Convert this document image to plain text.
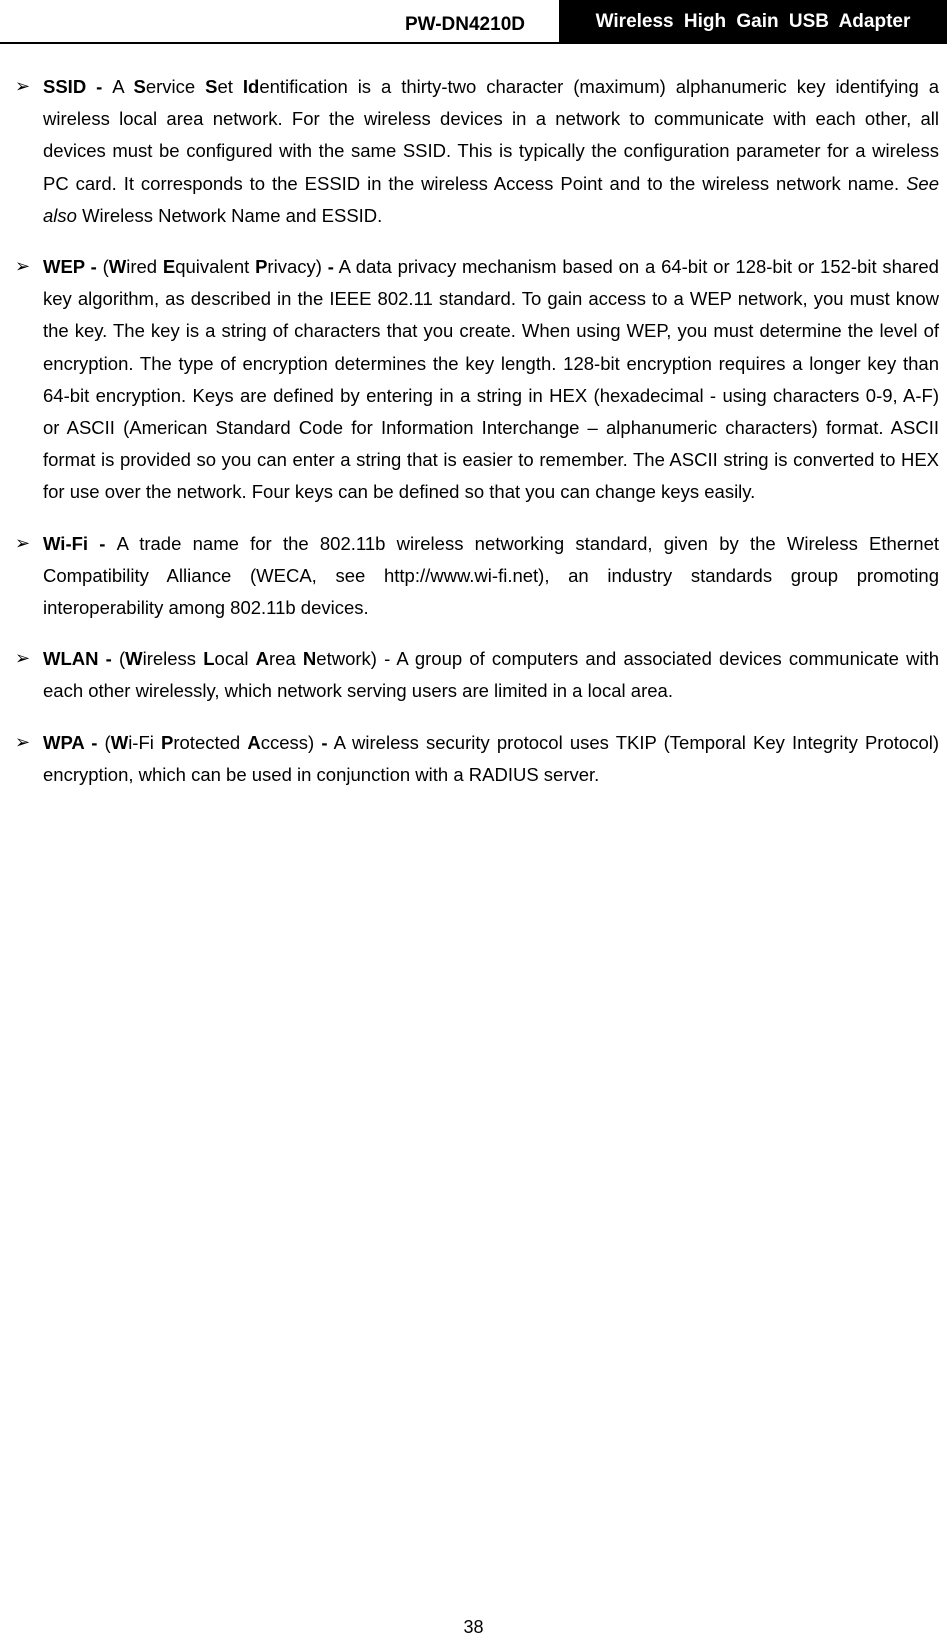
PW-DN4210D	Wireless High Gain USB Adapter
➢ SSID - A Service Set Identification is a thirty-two character (maximum) alphanumeric key identifying a wireless local area network. For the wireless devices in a network to communicate with each other, all devices must be configured with the same SSID. This is typically the configuration parameter for a wireless PC card. It corresponds to the ESSID in the wireless Access Point and to the wireless network name. See also Wireless Network Name and ESSID.
➢ WEP - (Wired Equivalent Privacy) - A data privacy mechanism based on a 64-bit or 128-bit or 152-bit shared key algorithm, as described in the IEEE 802.11 standard. To gain access to a WEP network, you must know the key. The key is a string of characters that you create. When using WEP, you must determine the level of encryption. The type of encryption determines the key length. 128-bit encryption requires a longer key than 64-bit encryption. Keys are defined by entering in a string in HEX (hexadecimal - using characters 0-9, A-F) or ASCII (American Standard Code for Information Interchange – alphanumeric characters) format. ASCII format is provided so you can enter a string that is easier to remember. The ASCII string is converted to HEX for use over the network. Four keys can be defined so that you can change keys easily.
➢ Wi-Fi - A trade name for the 802.11b wireless networking standard, given by the Wireless Ethernet Compatibility Alliance (WECA, see http://www.wi-fi.net), an industry standards group promoting interoperability among 802.11b devices.
➢ WLAN - (Wireless Local Area Network) - A group of computers and associated devices communicate with each other wirelessly, which network serving users are limited in a local area.
➢ WPA - (Wi-Fi Protected Access) - A wireless security protocol uses TKIP (Temporal Key Integrity Protocol) encryption, which can be used in conjunction with a RADIUS server.
38
